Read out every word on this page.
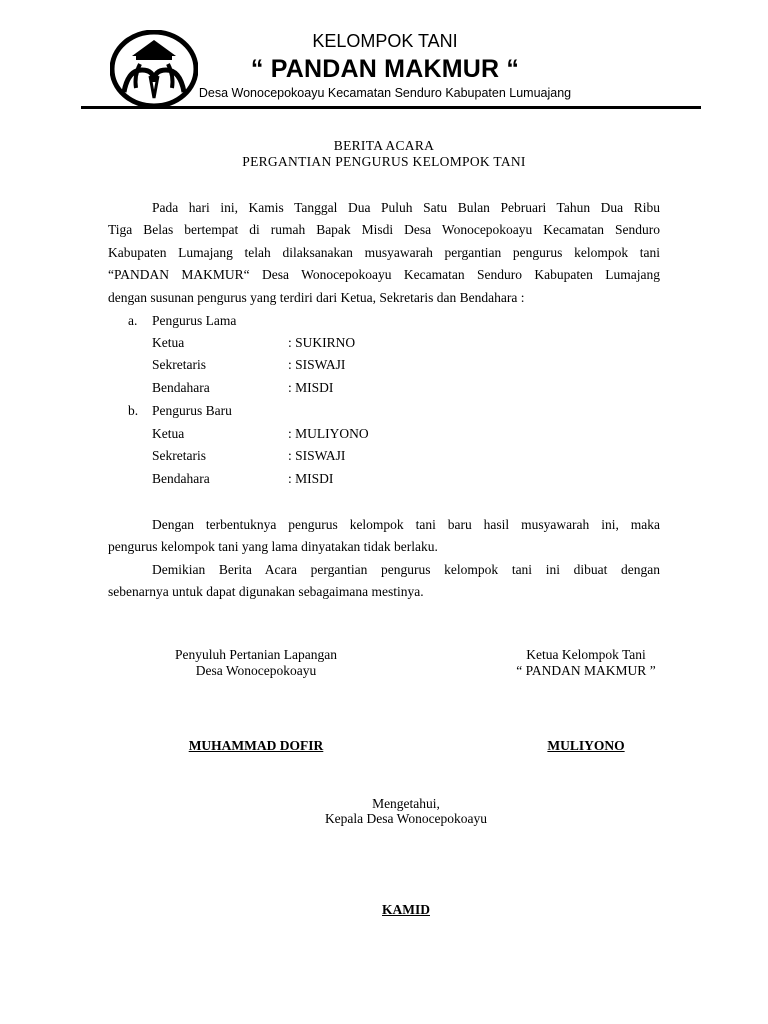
KELOMPOK TANI
“ PANDAN MAKMUR “
Desa Wonocepokoayu Kecamatan Senduro Kabupaten Lumuajang
BERITA ACARA
PERGANTIAN PENGURUS KELOMPOK TANI
Pada hari ini, Kamis Tanggal Dua Puluh Satu Bulan Pebruari Tahun Dua Ribu
Tiga Belas bertempat di rumah Bapak Misdi Desa Wonocepokoayu Kecamatan Senduro
Kabupaten Lumajang telah dilaksanakan musyawarah pergantian pengurus kelompok tani
“PANDAN MAKMUR“ Desa Wonocepokoayu Kecamatan Senduro Kabupaten Lumajang
dengan susunan pengurus yang terdiri dari Ketua, Sekretaris dan Bendahara :
a. Pengurus Lama
Ketua	: SUKIRNO
Sekretaris	: SISWAJI
Bendahara	: MISDI
b. Pengurus Baru
Ketua	: MULIYONO
Sekretaris	: SISWAJI
Bendahara	: MISDI
Dengan terbentuknya pengurus kelompok tani baru hasil musyawarah ini, maka
pengurus kelompok tani yang lama dinyatakan tidak berlaku.
Demikian Berita Acara pergantian pengurus kelompok tani ini dibuat dengan
sebenarnya untuk dapat digunakan sebagaimana mestinya.
Penyuluh Pertanian Lapangan
Desa Wonocepokoayu
MUHAMMAD DOFIR
Ketua Kelompok Tani
“ PANDAN MAKMUR ”
MULIYONO
Mengetahui,
Kepala Desa Wonocepokoayu
KAMID
